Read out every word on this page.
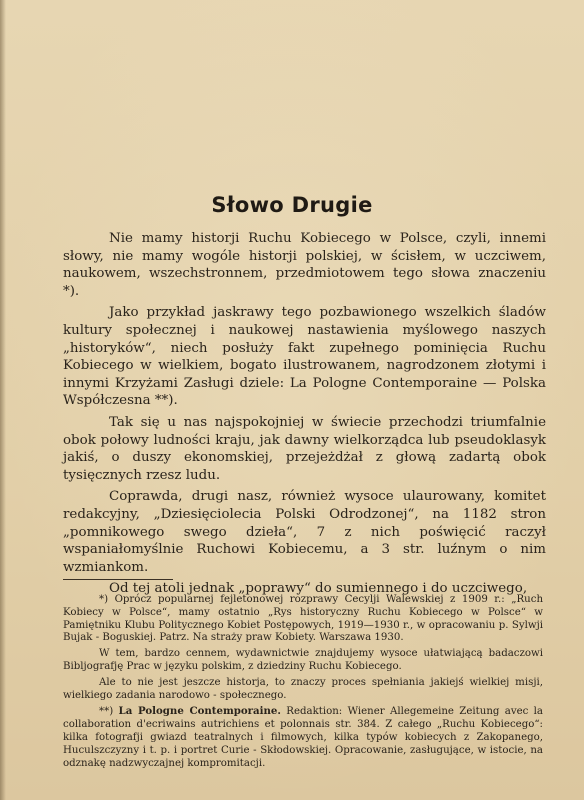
Słowo Drugie

Nie mamy historji Ruchu Kobiecego w Polsce, czyli, innemi słowy, nie mamy wogóle historji polskiej, w ścisłem, w uczciwem, naukowem, wszechstronnem, przedmiotowem tego słowa znaczeniu *).

Jako przykład jaskrawy tego pozbawionego wszelkich śladów kultury społecznej i naukowej nastawienia myślowego naszych „historyków“, niech posłuży fakt zupełnego pominięcia Ruchu Kobiecego w wielkiem, bogato ilustrowanem, nagrodzonem złotymi i innymi Krzyżami Zasługi dziele: La Pologne Contemporaine — Polska Współczesna **).

Tak się u nas najspokojniej w świecie przechodzi triumfalnie obok połowy ludności kraju, jak dawny wielkorządca lub pseudoklasyk jakiś, o duszy ekonomskiej, przejeżdżał z głową zadartą obok tysięcznych rzesz ludu.

Coprawda, drugi nasz, również wysoce ulaurowany, komitet redakcyjny, „Dziesięciolecia Polski Odrodzonej“, na 1182 stron „pomnikowego swego dzieła“, 7 z nich poświęcić raczył wspaniałomyślnie Ruchowi Kobiecemu, a 3 str. luźnym o nim wzmiankom.

Od tej atoli jednak „poprawy“ do sumiennego i do uczciwego,

*) Oprócz popularnej fejletonowej rozprawy Cecylji Walewskiej z 1909 r.: „Ruch Kobiecy w Polsce“, mamy ostatnio „Rys historyczny Ruchu Kobiecego w Polsce“ w Pamiętniku Klubu Politycznego Kobiet Postępowych, 1919—1930 r., w opracowaniu p. Sylwji Bujak - Boguskiej. Patrz. Na straży praw Kobiety. Warszawa 1930.

W tem, bardzo cennem, wydawnictwie znajdujemy wysoce ułatwiającą badaczowi Bibljografję Prac w języku polskim, z dziedziny Ruchu Kobiecego.

Ale to nie jest jeszcze historja, to znaczy proces spełniania jakiejś wielkiej misji, wielkiego zadania narodowo - społecznego.

**) La Pologne Contemporaine. Redaktion: Wiener Allegemeine Zeitung avec la collaboration d'ecriwains autrichiens et polonnais str. 384. Z całego „Ruchu Kobiecego“: kilka fotografji gwiazd teatralnych i filmowych, kilka typów kobiecych z Zakopanego, Huculszczyzny i t. p. i portret Curie - Skłodowskiej. Opracowanie, zasługujące, w istocie, na odznakę nadzwyczajnej kompromitacji.
